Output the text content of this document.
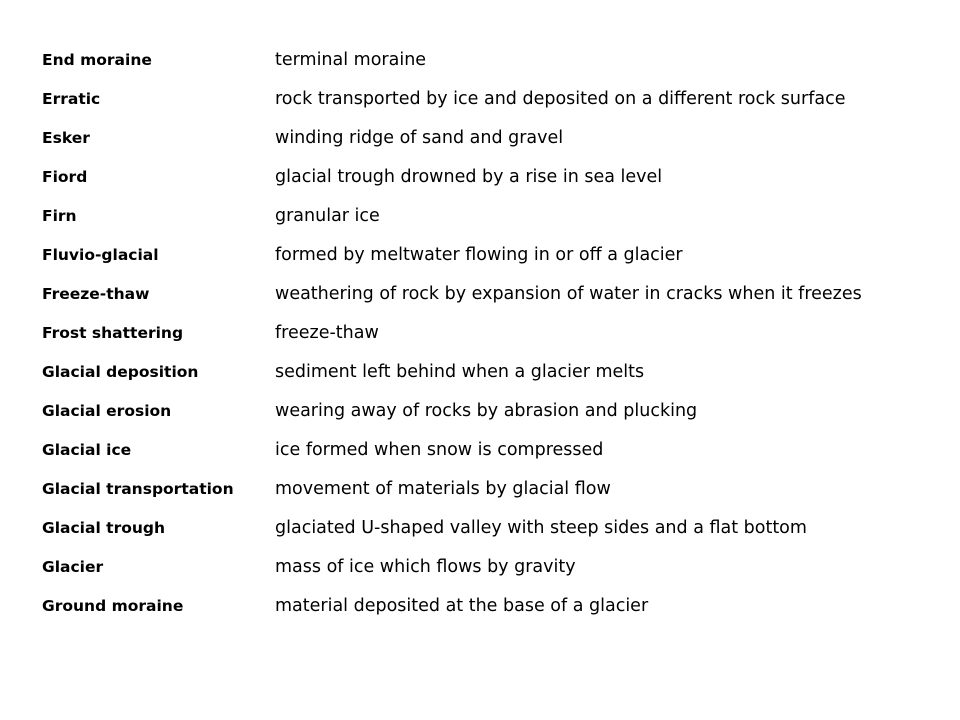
End moraine	terminal moraine
Erratic	rock transported by ice and deposited on a different rock surface
Esker	winding ridge of sand and gravel
Fiord	glacial trough drowned by a rise in sea level
Firn	granular ice
Fluvio-glacial	formed by meltwater flowing in or off a glacier
Freeze-thaw	weathering of rock by expansion of water in cracks when it freezes
Frost shattering	freeze-thaw
Glacial deposition	sediment left behind when a glacier melts
Glacial erosion	wearing away of rocks by abrasion and plucking
Glacial ice	ice formed when snow is compressed
Glacial transportation	movement of materials by glacial flow
Glacial trough	glaciated U-shaped valley with steep sides and a flat bottom
Glacier	mass of ice which flows by gravity
Ground moraine	material deposited at the base of a glacier
